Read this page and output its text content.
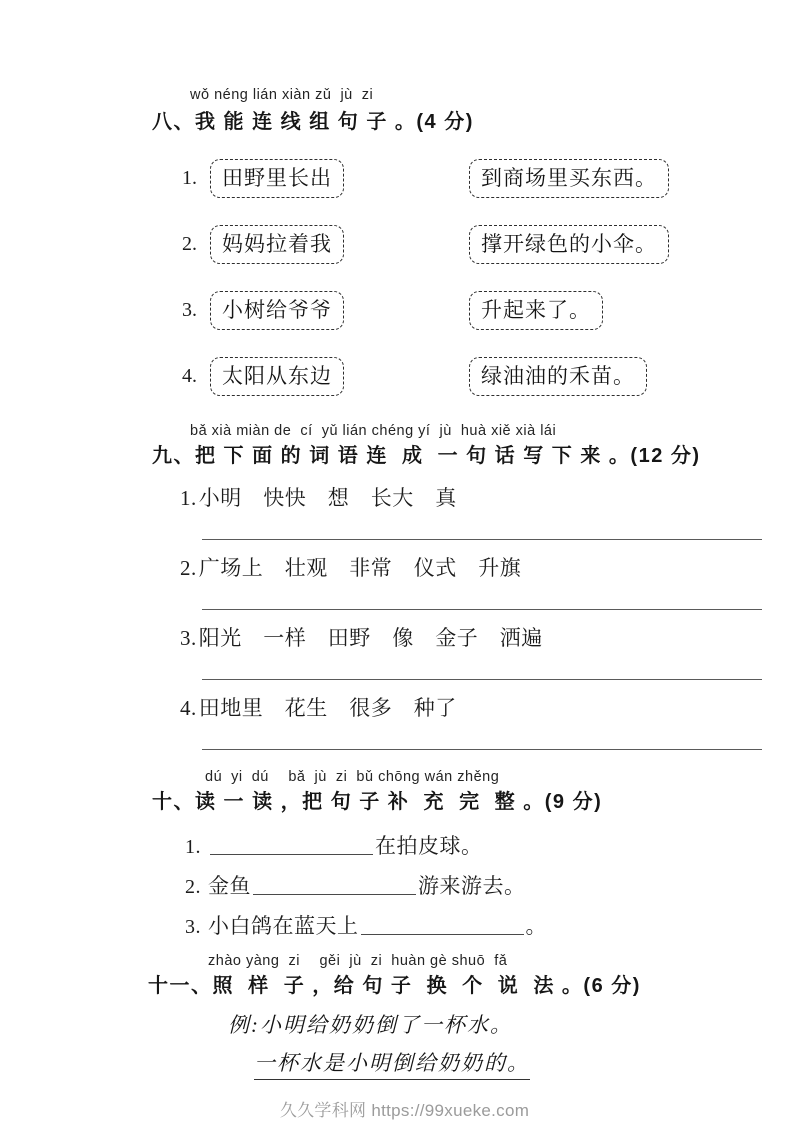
wǒ néng lián xiàn zǔ  jù  zi
八、我 能 连 线 组 句 子 。(4 分)
1.	田野里长出	到商场里买东西。
2.	妈妈拉着我	撑开绿色的小伞。
3.	小树给爷爷	升起来了。
4.	太阳从东边	绿油油的禾苗。
bǎ xià miàn de  cí  yǔ lián chéng yí  jù  huà xiě xià lái
九、把 下 面 的 词 语 连  成  一 句 话 写 下 来 。(12 分)
1.小明　快快　想　长大　真
2.广场上　壮观　非常　仪式　升旗
3.阳光　一样　田野　像　金子　洒遍
4.田地里　花生　很多　种了
dú  yi  dú　 bǎ  jù  zi  bǔ chōng wán zhěng
十、读 一 读 ，把 句 子 补  充  完  整 。(9 分)
1.	在拍皮球。
2. 金鱼	游来游去。
3. 小白鸽在蓝天上	。
zhào yàng  zi　 gěi  jù  zi  huàn gè shuō  fǎ
十一、照  样  子 ，给 句 子  换  个  说  法 。(6 分)
例:小明给奶奶倒了一杯水。
一杯水是小明倒给奶奶的。
久久学科网 https://99xueke.com
